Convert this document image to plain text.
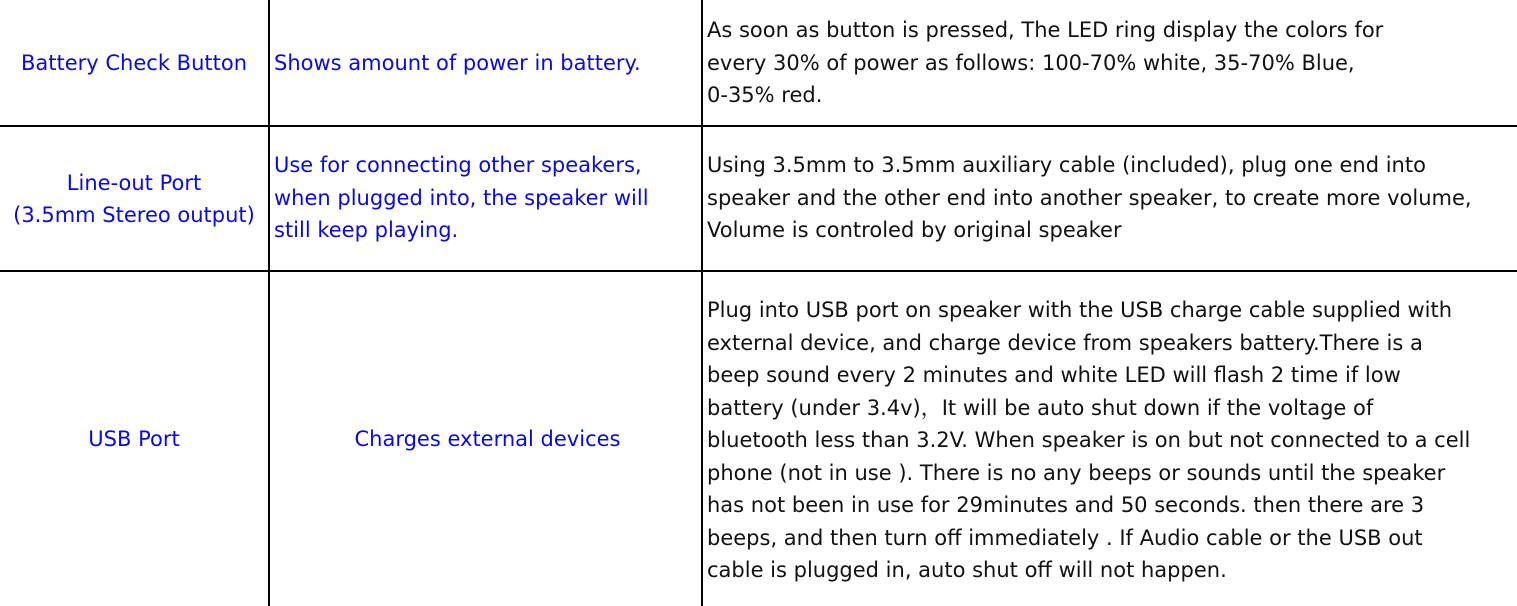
Battery Check Button Shows amount of power in battery.
As soon as button is pressed, The LED ring display the colors for
every 30% of power as follows: 100-70% white, 35-70% Blue,
0-35% red.
Line-out Port
(3.5mm Stereo output)
Use for connecting other speakers,
when plugged into, the speaker will
still keep playing.
Using 3.5mm to 3.5mm auxiliary cable (included), plug one end into
speaker and the other end into another speaker, to create more volume,
Volume is controled by original speaker
USB Port	Charges external devices
Plug into USB port on speaker with the USB charge cable supplied with
external device, and charge device from speakers battery.There is a
beep sound every 2 minutes and white LED will flash 2 time if low
battery (under 3.4v)，It will be auto shut down if the voltage of
bluetooth less than 3.2V. When speaker is on but not connected to a cell
phone (not in use ). There is no any beeps or sounds until the speaker
has not been in use for 29minutes and 50 seconds. then there are 3
beeps, and then turn off immediately . If Audio cable or the USB out
cable is plugged in, auto shut off will not happen.
